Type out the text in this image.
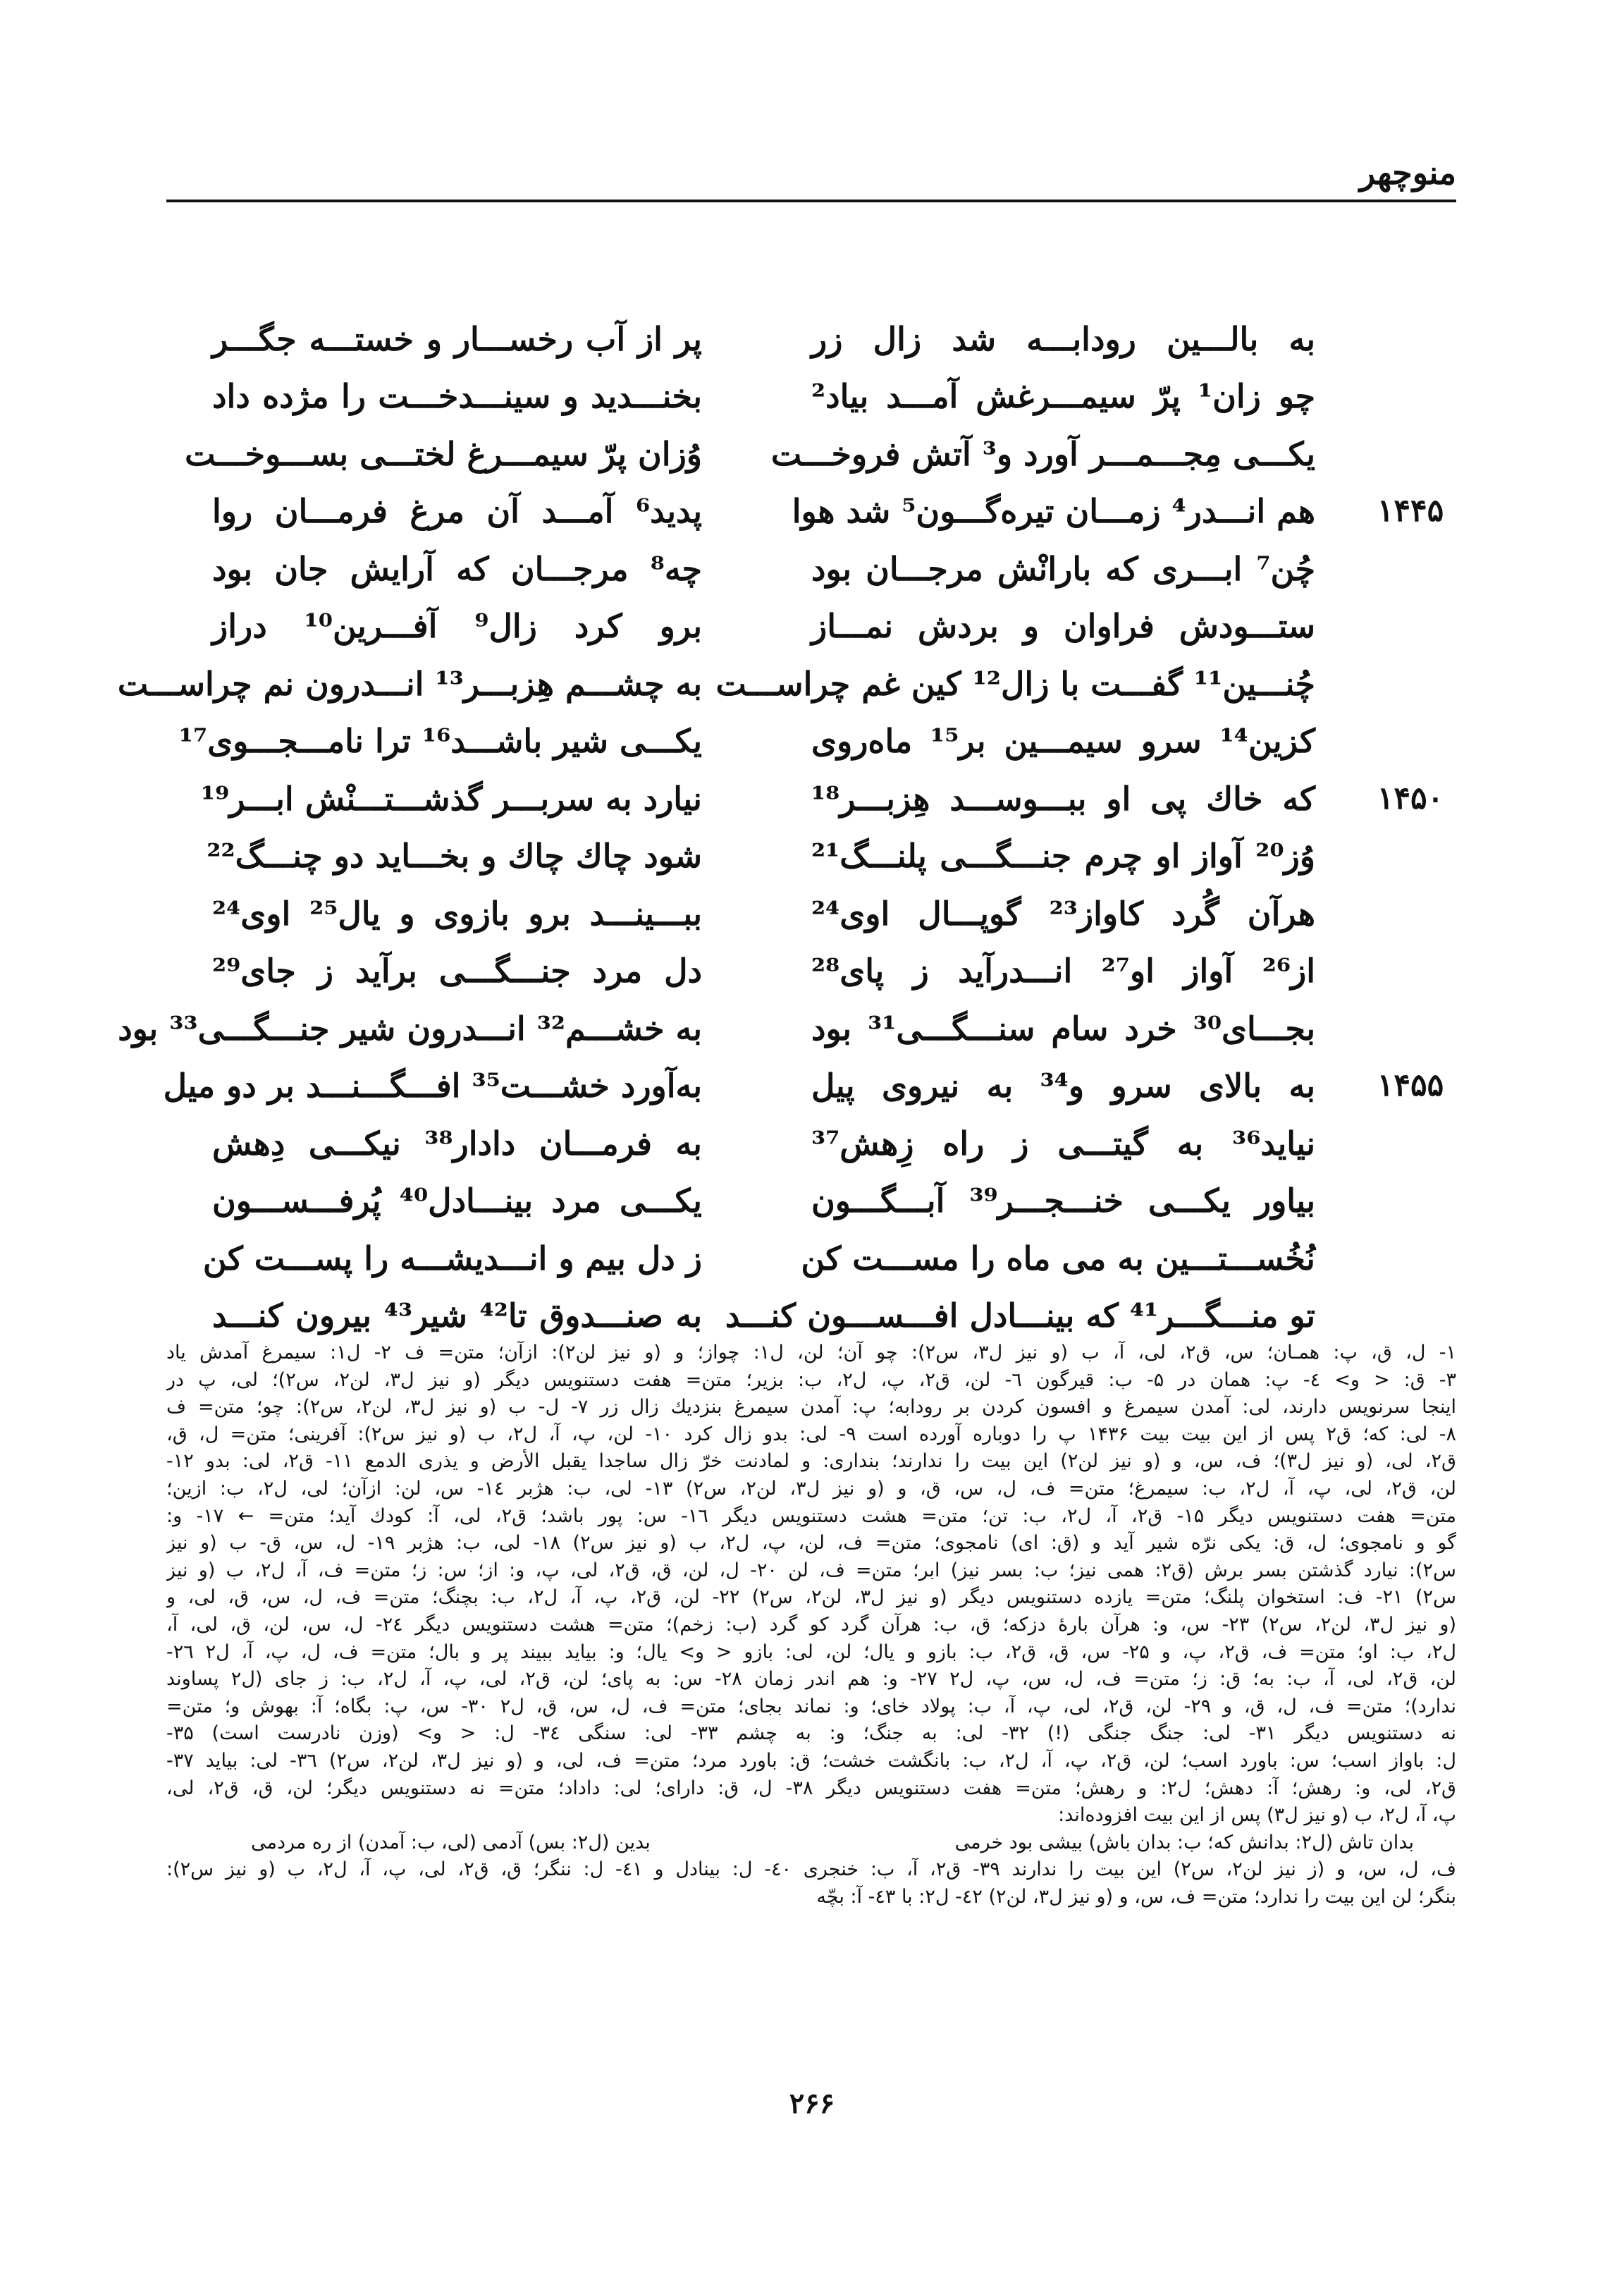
منوچهر
به بالـــین رودابـــه شد زال زر
پر از آب رخســـار و خستـــه جگـــر
چو زان¹ پرّ سیمـــرغش آمـــد بیاد²
بخنـــدید و سینـــدخـــت را مژده داد
یکـــی مِجـــمـــر آورد و³ آتش فروخـــت
وُزان پرّ سیمـــرغ لختـــی بســـوخـــت
۱۴۴۵
هم انـــدر⁴ زمـــان تیره‌گـــون⁵ شد هوا
پدید⁶ آمـــد آن مرغ فرمـــان روا
چُن⁷ ابـــری که بارانْش مرجـــان بود
چه⁸ مرجـــان که آرایش جان بود
ستـــودش فراوان و بردش نمـــاز
برو کرد زال⁹ آفـــرین¹⁰ دراز
چُنـــین¹¹ گفـــت با زال¹² کین غم چراســـت
به چشـــم هِزبـــر¹³ انـــدرون نم چراســـت
کزین¹⁴ سرو سیمـــین بر¹⁵ ماه‌روی
یکـــی شیر باشـــد¹⁶ ترا نامـــجـــوی¹⁷
۱۴۵۰
که خاك پی او ببـــوســـد هِزبـــر¹⁸
نیارد به سربـــر گذشـــتـــنْش ابـــر¹⁹
وُز²⁰ آواز او چرم جنـــگـــی پلنـــگ²¹
شود چاك چاك و بخـــاید دو چنـــگ²²
هرآن گُرد کاواز²³ گوپـــال اوی²⁴
ببـــینـــد برو بازوی و یال²⁵ اوی²⁴
از²⁶ آواز او²⁷ انـــدرآید ز پای²⁸
دل مرد جنـــگـــی برآید ز جای²⁹
بجـــای³⁰ خرد سام سنـــگـــی³¹ بود
به خشـــم³² انـــدرون شیر جنـــگـــی³³ بود
۱۴۵۵
به بالای سرو و³⁴ به نیروی پیل
به‌آورد خشـــت³⁵ افـــگـــنـــد بر دو میل
نیاید³⁶ به گیتـــی ز راه زِهش³⁷
به فرمـــان دادار³⁸ نیکـــی دِهش
بیاور یکـــی خنـــجـــر³⁹ آبـــگـــون
یکـــی مرد بینـــادل⁴⁰ پُرفـــســـون
نُخُســـتـــین به می ماه را مســـت کن
ز دل بیم و انـــدیشـــه را پســـت کن
تو منـــگـــر⁴¹ که بینـــادل افـــســـون کنـــد
به صنـــدوق تا⁴² شیر⁴³ بیرون کنـــد
۱- ل، ق، پ: همـان؛ س، ق۲، لی، آ، ب (و نیز ل۳، س۲): چو آن؛ لن، ل۱: چواز؛ و (و نیز لن۲): ازآن؛ متن= ف ۲- ل۱: سیمرغ آمدش یاد
۳- ق: < و> ٤- پ: همان در ۵- ب: قیرگون ٦- لن، ق۲، پ، ل۲، ب: بزیر؛ متن= هفت دستنویس دیگر (و نیز ل۳، لن۲، س۲)؛ لی، پ در
اینجا سرنویس دارند، لی: آمدن سیمرغ و افسون کردن بر رودابه؛ پ: آمدن سیمرغ بنزدیك زال زر ۷- ل- ب (و نیز ل۳، لن۲، س۲): چو؛ متن= ف
۸- لی: که؛ ق۲ پس از این بیت بیت ۱۴۳۶ پ را دوباره آورده است ۹- لی: بدو زال کرد ۱۰- لن، پ، آ، ل۲، ب (و نیز س۲): آفرینی؛ متن= ل، ق،
ق۲، لی، (و نیز ل۳)؛ ف، س، و (و نیز لن۲) این بیت را ندارند؛ بنداری: و لمادنت خرّ زال ساجدا یقبل الأرض و یذری الدمع ۱۱- ق۲، لی: بدو ۱۲-
لن، ق۲، لی، پ، آ، ل۲، ب: سیمرغ؛ متن= ف، ل، س، ق، و (و نیز ل۳، لن۲، س۲) ۱۳- لی، ب: هژبر ١٤- س، لن: ازآن؛ لی، ل۲، ب: ازین؛
متن= هفت دستنویس دیگر ۱۵- ق۲، آ، ل۲، ب: تن؛ متن= هشت دستنویس دیگر ١٦- س: پور باشد؛ ق۲، لی، آ: کودك آید؛ متن= ← ۱۷- و:
گو و نامجوی؛ ل، ق: یکی نرّه شیر آید و (ق: ای) نامجوی؛ متن= ف، لن، پ، ل۲، ب (و نیز س۲) ۱۸- لی، ب: هژبر ۱۹- ل، س، ق- ب (و نیز
س۲): نیارد گذشتن بسر برش (ق۲: همی نیز؛ ب: بسر نیز) ابر؛ متن= ف، لن ۲۰- ل، لن، ق، ق۲، لی، پ، و: از؛ س: ز؛ متن= ف، آ، ل۲، ب (و نیز
س۲) ۲۱- ف: استخوان پلنگ؛ متن= یازده دستنویس دیگر (و نیز ل۳، لن۲، س۲) ۲۲- لن، ق۲، پ، آ، ل۲، ب: بچنگ؛ متن= ف، ل، س، ق، لی، و
(و نیز ل۳، لن۲، س۲) ۲۳- س، و: هرآن بارهٔ دزکه؛ ق، ب: هرآن گرد کو گرد (ب: زخم)؛ متن= هشت دستنویس دیگر ۲٤- ل، س، لن، ق، لی، آ،
ل۲، ب: او؛ متن= ف، ق۲، پ، و ۲۵- س، ق، ق۲، ب: بازو و یال؛ لن، لی: بازو < و> یال؛ و: بیاید ببیند پر و بال؛ متن= ف، ل، پ، آ، ل۲ ۲٦-
لن، ق۲، لی، آ، ب: به؛ ق: ز؛ متن= ف، ل، س، پ، ل۲ ۲۷- و: هم اندر زمان ۲۸- س: به پای؛ لن، ق۲، لی، پ، آ، ل۲، ب: ز جای (ل۲ پساوند
ندارد)؛ متن= ف، ل، ق، و ۲۹- لن، ق۲، لی، پ، آ، ب: پولاد خای؛ و: نماند بجای؛ متن= ف، ل، س، ق، ل۲ ۳۰- س، پ: بگاه؛ آ: بهوش و؛ متن=
نه دستنویس دیگر ۳۱- لی: جنگ جنگی (!) ۳۲- لی: به جنگ؛ و: به چشم ۳۳- لی: سنگی ۳٤- ل: < و> (وزن نادرست است) ۳۵-
ل: باواز اسب؛ س: باورد اسب؛ لن، ق۲، پ، آ، ل۲، ب: بانگشت خشت؛ ق: باورد مرد؛ متن= ف، لی، و (و نیز ل۳، لن۲، س۲) ۳٦- لی: بیاید ۳۷-
ق۲، لی، و: رهش؛ آ: دهش؛ ل۲: و رهش؛ متن= هفت دستنویس دیگر ۳۸- ل، ق: دارای؛ لی: داداد؛ متن= نه دستنویس دیگر؛ لن، ق، ق۲، لی،
پ، آ، ل۲، ب (و نیز ل۳) پس از این بیت افزوده‌اند:
بدان تاش (ل۲: بدانش که؛ ب: بدان باش) بیشی بود خرمی
بدین (ل۲: بس) آدمی (لی، ب: آمدن) از ره مردمی
ف، ل، س، و (ز نیز لن۲، س۲) این بیت را ندارند ۳۹- ق۲، آ، ب: خنجری ٤۰- ل: بینادل و ٤۱- ل: ننگر؛ ق، ق۲، لی، پ، آ، ل۲، ب (و نیز س۲):
بنگر؛ لن این بیت را ندارد؛ متن= ف، س، و (و نیز ل۳، لن۲) ٤۲- ل۲: با ٤۳- آ: بچّه
۲۶۶
